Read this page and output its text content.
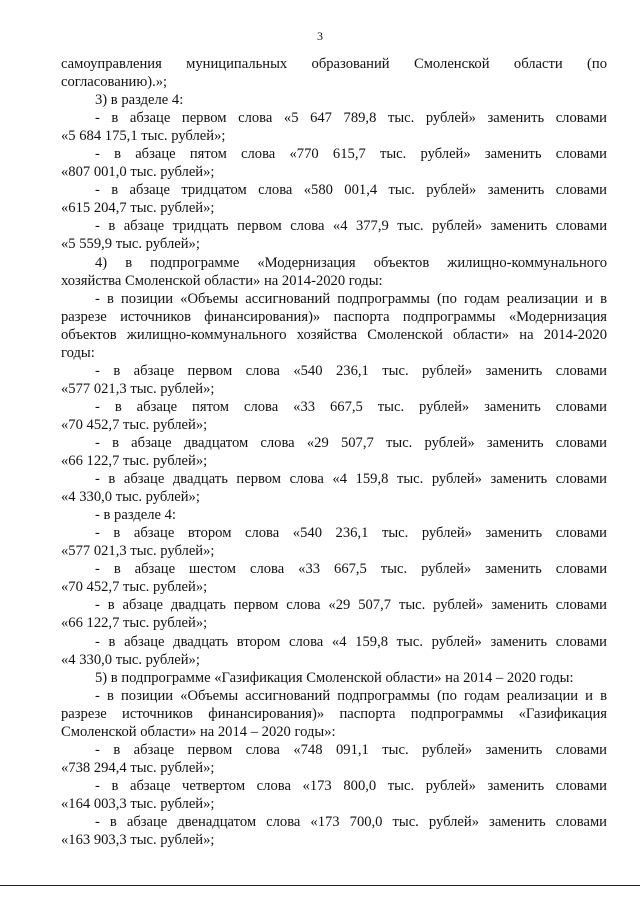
3
самоуправления муниципальных образований Смоленской области (по
согласованию).»;
3) в разделе 4:
- в абзаце первом слова «5 647 789,8 тыс. рублей» заменить словами
«5 684 175,1 тыс. рублей»;
- в абзаце пятом слова «770 615,7 тыс. рублей» заменить словами
«807 001,0 тыс. рублей»;
- в абзаце тридцатом слова «580 001,4 тыс. рублей» заменить словами
«615 204,7 тыс. рублей»;
- в абзаце тридцать первом слова «4 377,9 тыс. рублей» заменить словами
«5 559,9 тыс. рублей»;
4) в подпрограмме «Модернизация объектов жилищно-коммунального
хозяйства Смоленской области» на 2014-2020 годы:
- в позиции «Объемы ассигнований подпрограммы (по годам реализации и в
разрезе источников финансирования)» паспорта подпрограммы «Модернизация
объектов жилищно-коммунального хозяйства Смоленской области» на 2014-2020
годы:
- в абзаце первом слова «540 236,1 тыс. рублей» заменить словами
«577 021,3 тыс. рублей»;
- в абзаце пятом слова «33 667,5 тыс. рублей» заменить словами
«70 452,7 тыс. рублей»;
- в абзаце двадцатом слова «29 507,7 тыс. рублей» заменить словами
«66 122,7 тыс. рублей»;
- в абзаце двадцать первом слова «4 159,8 тыс. рублей» заменить словами
«4 330,0 тыс. рублей»;
- в разделе 4:
- в абзаце втором слова «540 236,1 тыс. рублей» заменить словами
«577 021,3 тыс. рублей»;
- в абзаце шестом слова «33 667,5 тыс. рублей» заменить словами
«70 452,7 тыс. рублей»;
- в абзаце двадцать первом слова «29 507,7 тыс. рублей» заменить словами
«66 122,7 тыс. рублей»;
- в абзаце двадцать втором слова «4 159,8 тыс. рублей» заменить словами
«4 330,0 тыс. рублей»;
5) в подпрограмме «Газификация Смоленской области» на 2014 – 2020 годы:
- в позиции «Объемы ассигнований подпрограммы (по годам реализации и в
разрезе источников финансирования)» паспорта подпрограммы «Газификация
Смоленской области» на 2014 – 2020 годы»:
- в абзаце первом слова «748 091,1 тыс. рублей» заменить словами
«738 294,4 тыс. рублей»;
- в абзаце четвертом слова «173 800,0 тыс. рублей» заменить словами
«164 003,3 тыс. рублей»;
- в абзаце двенадцатом слова «173 700,0 тыс. рублей» заменить словами
«163 903,3 тыс. рублей»;
